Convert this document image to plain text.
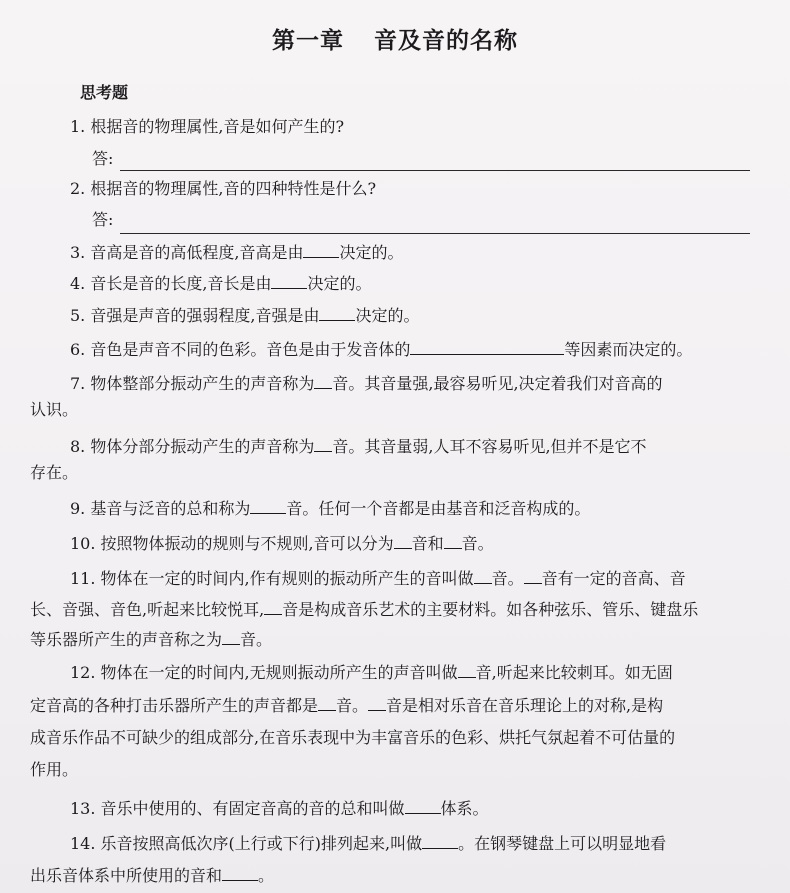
第一章 音及音的名称
思考题
1. 根据音的物理属性,音是如何产生的?
答:
2. 根据音的物理属性,音的四种特性是什么?
答:
3. 音高是音的高低程度,音高是由 决定的。
4. 音长是音的长度,音长是由 决定的。
5. 音强是声音的强弱程度,音强是由 决定的。
6. 音色是声音不同的色彩。音色是由于发音体的	等因素而决定的。
7. 物体整部分振动产生的声音称为 音。其音量强,最容易听见,决定着我们对音高的
认识。
8. 物体分部分振动产生的声音称为 音。其音量弱,人耳不容易听见,但并不是它不
存在。
9. 基音与泛音的总和称为 音。任何一个音都是由基音和泛音构成的。
10. 按照物体振动的规则与不规则,音可以分为 音和 音。
11. 物体在一定的时间内,作有规则的振动所产生的音叫做 音。 音有一定的音高、音
长、音强、音色,听起来比较悦耳, 音是构成音乐艺术的主要材料。如各种弦乐、管乐、键盘乐
等乐器所产生的声音称之为 音。
12. 物体在一定的时间内,无规则振动所产生的声音叫做 音,听起来比较刺耳。如无固
定音高的各种打击乐器所产生的声音都是 音。 音是相对乐音在音乐理论上的对称,是构
成音乐作品不可缺少的组成部分,在音乐表现中为丰富音乐的色彩、烘托气氛起着不可估量的
作用。
13. 音乐中使用的、有固定音高的音的总和叫做 体系。
14. 乐音按照高低次序(上行或下行)排列起来,叫做 。在钢琴键盘上可以明显地看
出乐音体系中所使用的音和 。
